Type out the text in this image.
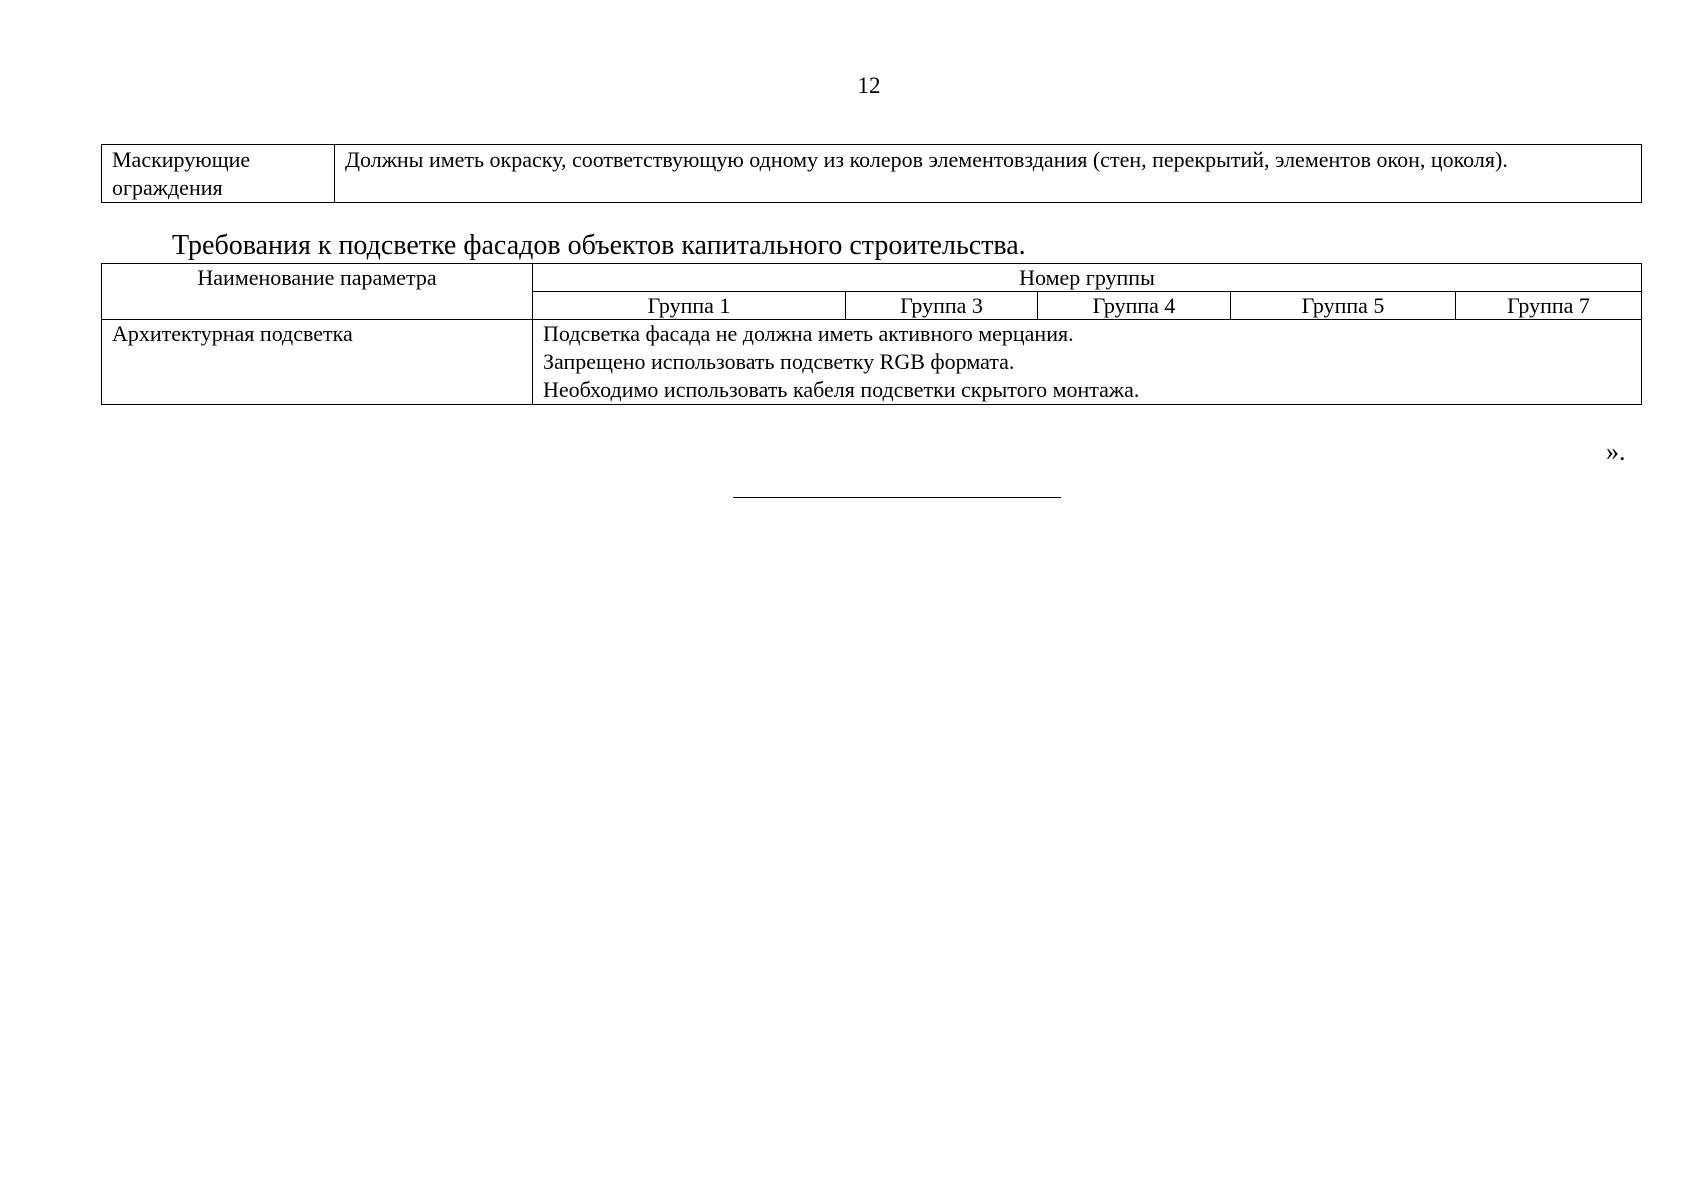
12
Маскирующие ограждения	Должны иметь окраску, соответствующую одному из колеров элементовздания (стен, перекрытий, элементов окон, цоколя).
Требования к подсветке фасадов объектов капитального строительства.
Наименование параметра	Номер группы				
	Группа 1	Группа 3	Группа 4	Группа 5	Группа 7
Архитектурная подсветка	Подсветка фасада не должна иметь активного мерцания.
Запрещено использовать подсветку RGB формата.
Необходимо использовать кабеля подсветки скрытого монтажа.				
».
